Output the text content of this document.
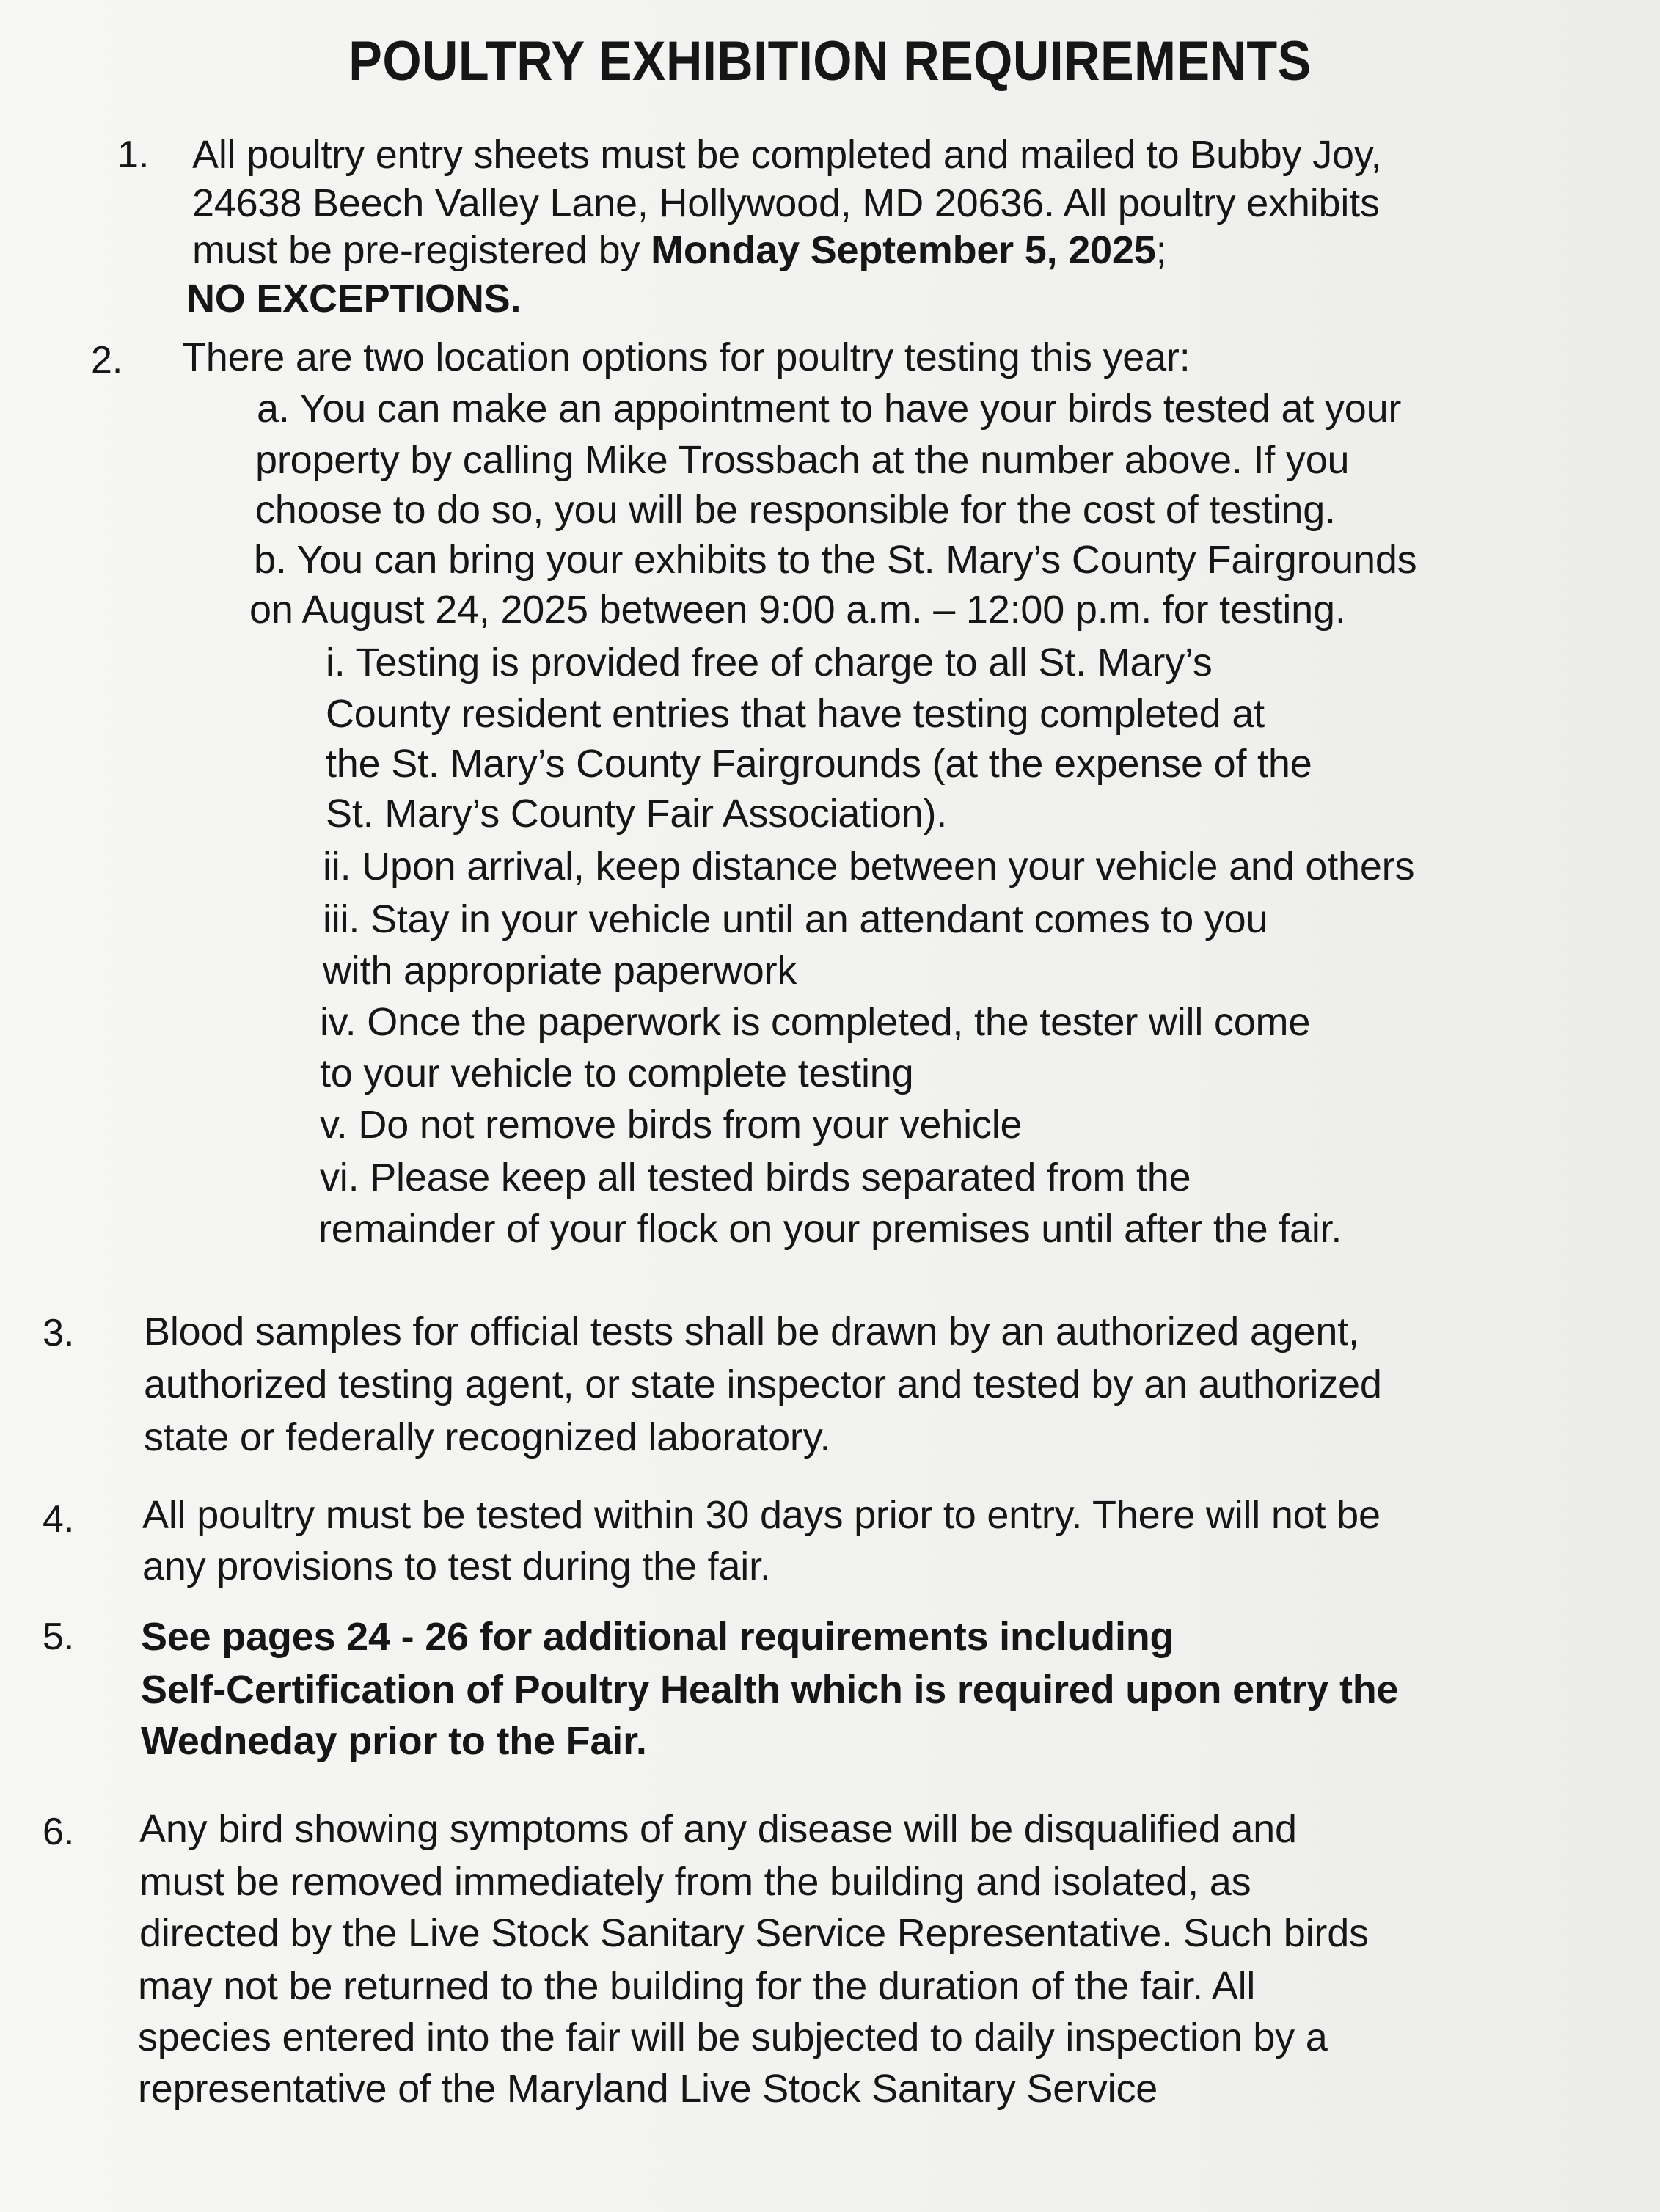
POULTRY EXHIBITION REQUIREMENTS
1. All poultry entry sheets must be completed and mailed to Bubby Joy,
24638 Beech Valley Lane, Hollywood, MD 20636. All poultry exhibits
must be pre-registered by Monday September 5, 2025;
NO EXCEPTIONS.
2. There are two location options for poultry testing this year:
a. You can make an appointment to have your birds tested at your
property by calling Mike Trossbach at the number above. If you
choose to do so, you will be responsible for the cost of testing.
b. You can bring your exhibits to the St. Mary’s County Fairgrounds
on August 24, 2025 between 9:00 a.m. – 12:00 p.m. for testing.
i. Testing is provided free of charge to all St. Mary’s
County resident entries that have testing completed at
the St. Mary’s County Fairgrounds (at the expense of the
St. Mary’s County Fair Association).
ii. Upon arrival, keep distance between your vehicle and others
iii. Stay in your vehicle until an attendant comes to you
with appropriate paperwork
iv. Once the paperwork is completed, the tester will come
to your vehicle to complete testing
v. Do not remove birds from your vehicle
vi. Please keep all tested birds separated from the
remainder of your flock on your premises until after the fair.
3. Blood samples for official tests shall be drawn by an authorized agent,
authorized testing agent, or state inspector and tested by an authorized
state or federally recognized laboratory.
4. All poultry must be tested within 30 days prior to entry. There will not be
any provisions to test during the fair.
5. See pages 24 - 26 for additional requirements including
Self-Certification of Poultry Health which is required upon entry the
Wedneday prior to the Fair.
6. Any bird showing symptoms of any disease will be disqualified and
must be removed immediately from the building and isolated, as
directed by the Live Stock Sanitary Service Representative. Such birds
may not be returned to the building for the duration of the fair. All
species entered into the fair will be subjected to daily inspection by a
representative of the Maryland Live Stock Sanitary Service
